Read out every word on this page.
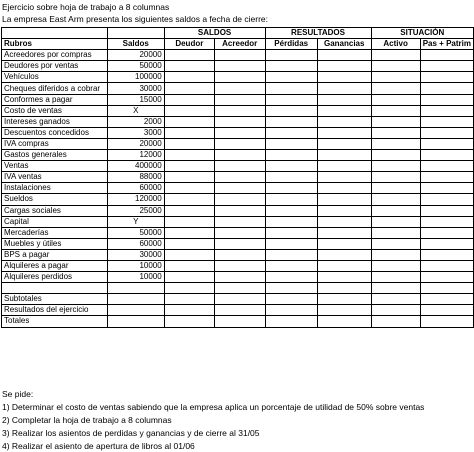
Ejercicio sobre hoja de trabajo a 8 columnas
La empresa East Arm presenta los siguientes saldos a fecha de cierre:
		SALDOS		RESULTADOS		SITUACIÓN	
Rubros	Saldos	Deudor	Acreedor	Pérdidas	Ganancias	Activo	Pas + Patrim
Acreedores por compras	20000						
Deudores por ventas	50000						
Vehículos	100000						
Cheques diferidos a cobrar	30000						
Conformes a pagar	15000						
Costo de ventas	X						
Intereses ganados	2000						
Descuentos concedidos	3000						
IVA compras	20000						
Gastos generales	12000						
Ventas	400000						
IVA ventas	88000						
Instalaciones	60000						
Sueldos	120000						
Cargas sociales	25000						
Capital	Y						
Mercaderías	50000						
Muebles y útiles	60000						
BPS a pagar	30000						
Alquileres a pagar	10000						
Alquileres perdidos	10000						

Subtotales							
Resultados del ejercicio							
Totales							
Se pide:
1) Determinar el costo de ventas sabiendo que la empresa aplica un porcentaje de utilidad de 50% sobre ventas
2) Completar la hoja de trabajo a 8 columnas
3) Realizar los asientos de perdidas y ganancias y de cierre al 31/05
4) Realizar el asiento de apertura de libros al 01/06
